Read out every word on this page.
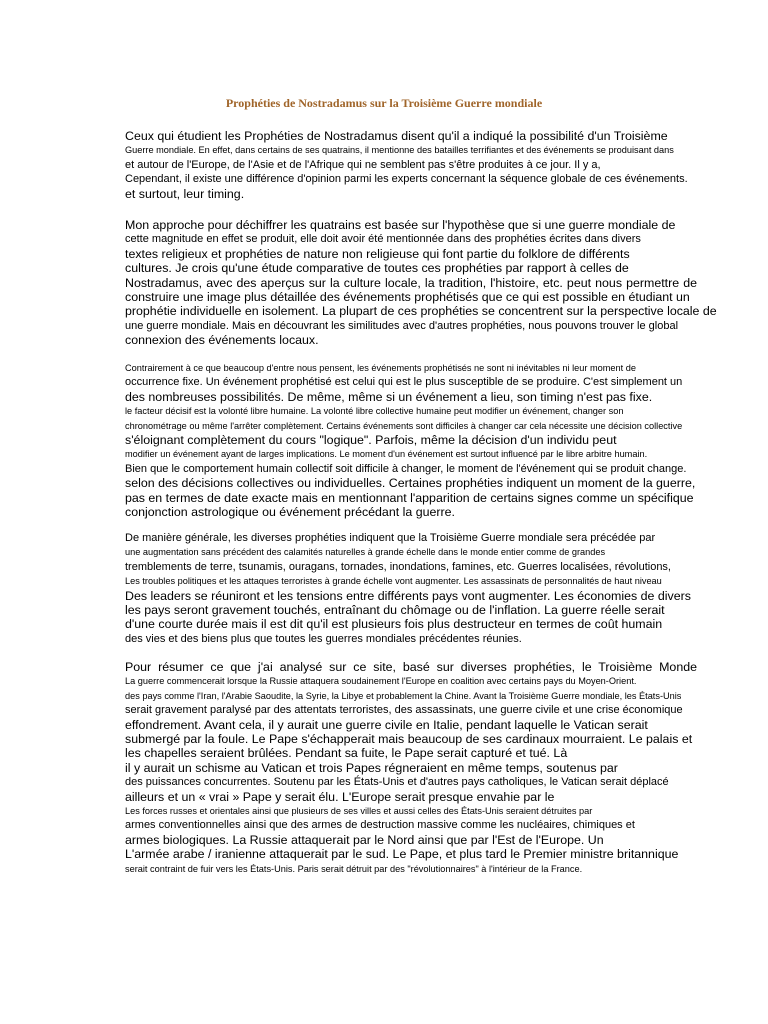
Prophéties de Nostradamus sur la Troisième Guerre mondiale
Ceux qui étudient les Prophéties de Nostradamus disent qu'il a indiqué la possibilité d'un Troisième
Guerre mondiale. En effet, dans certains de ses quatrains, il mentionne des batailles terrifiantes et des événements se produisant dans
et autour de l'Europe, de l'Asie et de l'Afrique qui ne semblent pas s'être produites à ce jour. Il y a,
Cependant, il existe une différence d'opinion parmi les experts concernant la séquence globale de ces événements.
et surtout, leur timing.
Mon approche pour déchiffrer les quatrains est basée sur l'hypothèse que si une guerre mondiale de
cette magnitude en effet se produit, elle doit avoir été mentionnée dans des prophéties écrites dans divers
textes religieux et prophéties de nature non religieuse qui font partie du folklore de différents
cultures. Je crois qu'une étude comparative de toutes ces prophéties par rapport à celles de
Nostradamus, avec des aperçus sur la culture locale, la tradition, l'histoire, etc. peut nous permettre de
construire une image plus détaillée des événements prophétisés que ce qui est possible en étudiant un
prophétie individuelle en isolement. La plupart de ces prophéties se concentrent sur la perspective locale de
une guerre mondiale. Mais en découvrant les similitudes avec d'autres prophéties, nous pouvons trouver le global
connexion des événements locaux.
Contrairement à ce que beaucoup d'entre nous pensent, les événements prophétisés ne sont ni inévitables ni leur moment de
occurrence fixe. Un événement prophétisé est celui qui est le plus susceptible de se produire. C'est simplement un
des nombreuses possibilités. De même, même si un événement a lieu, son timing n'est pas fixe.
le facteur décisif est la volonté libre humaine. La volonté libre collective humaine peut modifier un événement, changer son
chronométrage ou même l'arrêter complètement. Certains événements sont difficiles à changer car cela nécessite une décision collective
s'éloignant complètement du cours "logique". Parfois, même la décision d'un individu peut
modifier un événement ayant de larges implications. Le moment d'un événement est surtout influencé par le libre arbitre humain.
Bien que le comportement humain collectif soit difficile à changer, le moment de l'événement qui se produit change.
selon des décisions collectives ou individuelles. Certaines prophéties indiquent un moment de la guerre,
pas en termes de date exacte mais en mentionnant l'apparition de certains signes comme un spécifique
conjonction astrologique ou événement précédant la guerre.
De manière générale, les diverses prophéties indiquent que la Troisième Guerre mondiale sera précédée par
une augmentation sans précédent des calamités naturelles à grande échelle dans le monde entier comme de grandes
tremblements de terre, tsunamis, ouragans, tornades, inondations, famines, etc. Guerres localisées, révolutions,
Les troubles politiques et les attaques terroristes à grande échelle vont augmenter. Les assassinats de personnalités de haut niveau
Des leaders se réuniront et les tensions entre différents pays vont augmenter. Les économies de divers
les pays seront gravement touchés, entraînant du chômage ou de l'inflation. La guerre réelle serait
d'une courte durée mais il est dit qu'il est plusieurs fois plus destructeur en termes de coût humain
des vies et des biens plus que toutes les guerres mondiales précédentes réunies.
Pour résumer ce que j'ai analysé sur ce site, basé sur diverses prophéties, le Troisième Monde
La guerre commencerait lorsque la Russie attaquera soudainement l'Europe en coalition avec certains pays du Moyen-Orient.
des pays comme l'Iran, l'Arabie Saoudite, la Syrie, la Libye et probablement la Chine. Avant la Troisième Guerre mondiale, les États-Unis
serait gravement paralysé par des attentats terroristes, des assassinats, une guerre civile et une crise économique
effondrement. Avant cela, il y aurait une guerre civile en Italie, pendant laquelle le Vatican serait
submergé par la foule. Le Pape s'échapperait mais beaucoup de ses cardinaux mourraient. Le palais et
les chapelles seraient brûlées. Pendant sa fuite, le Pape serait capturé et tué. Là
il y aurait un schisme au Vatican et trois Papes régneraient en même temps, soutenus par
des puissances concurrentes. Soutenu par les États-Unis et d'autres pays catholiques, le Vatican serait déplacé
ailleurs et un « vrai » Pape y serait élu. L'Europe serait presque envahie par le
Les forces russes et orientales ainsi que plusieurs de ses villes et aussi celles des États-Unis seraient détruites par
armes conventionnelles ainsi que des armes de destruction massive comme les nucléaires, chimiques et
armes biologiques. La Russie attaquerait par le Nord ainsi que par l'Est de l'Europe. Un
L'armée arabe / iranienne attaquerait par le sud. Le Pape, et plus tard le Premier ministre britannique
serait contraint de fuir vers les États-Unis. Paris serait détruit par des "révolutionnaires" à l'intérieur de la France.
